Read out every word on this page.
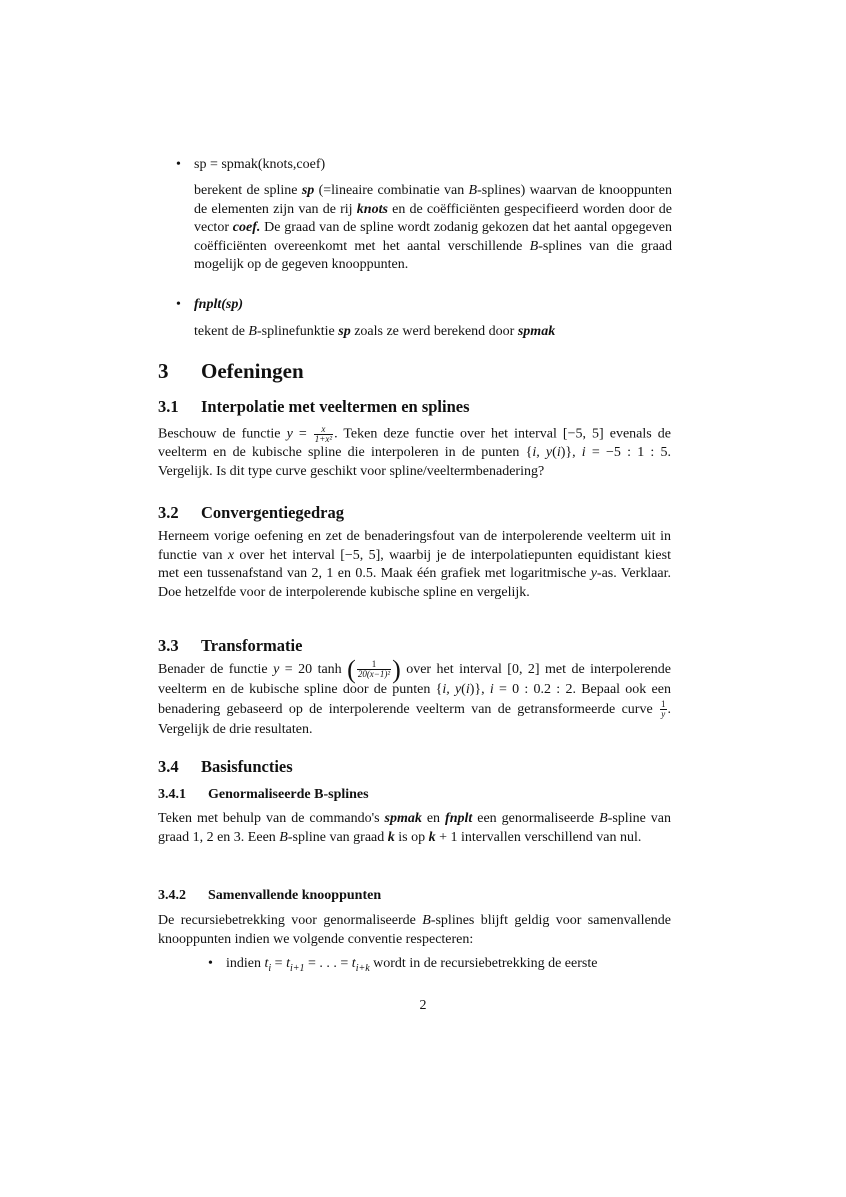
• sp = spmak(knots,coef)
berekent de spline sp (=lineaire combinatie van B-splines) waarvan de knooppunten de elementen zijn van de rij knots en de coëfficiënten gespecifieerd worden door de vector coef. De graad van de spline wordt zodanig gekozen dat het aantal opgegeven coëfficiënten overeenkomt met het aantal verschillende B-splines van die graad mogelijk op de gegeven knooppunten.
• fnplt(sp)
tekent de B-splinefunktie sp zoals ze werd berekend door spmak
3 Oefeningen
3.1 Interpolatie met veeltermen en splines
Beschouw de functie $y = \frac{x}{\text{1+x²}}$ . Teken deze functie over het interval [−5, 5] evenals de veelterm en de kubische spline die interpoleren in de punten {i, y(i)}, i = −5 : 1 : 5. Vergelijk. Is dit type curve geschikt voor spline/veeltermbenadering?
3.2 Convergentiegedrag
Herneem vorige oefening en zet de benaderingsfout van de interpolerende veelterm uit in functie van x over het interval [−5, 5], waarbij je de interpolatiepunten equidistant kiest met een tussenafstand van 2, 1 en 0.5. Maak één grafiek met logaritmische y-as. Verklaar. Doe hetzelfde voor de interpolerende kubische spline en vergelijk.
3.3 Transformatie
Benader de functie y = 20 tanh ( $\frac{1}{\text{20(x−1)²}}$ ) over het interval [0, 2] met de interpolerende veelterm en de kubische spline door de punten {i, y(i)}, i = 0 : 0.2 : 2. Bepaal ook een benadering gebaseerd op de interpolerende veelterm van de getransformeerde curve $\frac{1}{y}$ . Vergelijk de drie resultaten.
3.4 Basisfuncties
3.4.1 Genormaliseerde B-splines
Teken met behulp van de commando's spmak en fnplt een genormaliseerde B-spline van graad 1, 2 en 3. Eeen B-spline van graad k is op k + 1 intervallen verschillend van nul.
3.4.2 Samenvallende knooppunten
De recursiebetrekking voor genormaliseerde B-splines blijft geldig voor samenvallende knooppunten indien we volgende conventie respecteren:
• indien $t_i = t_{i+1}$ = . . . = $t_{i+k}$ wordt in de recursiebetrekking de eerste
2
